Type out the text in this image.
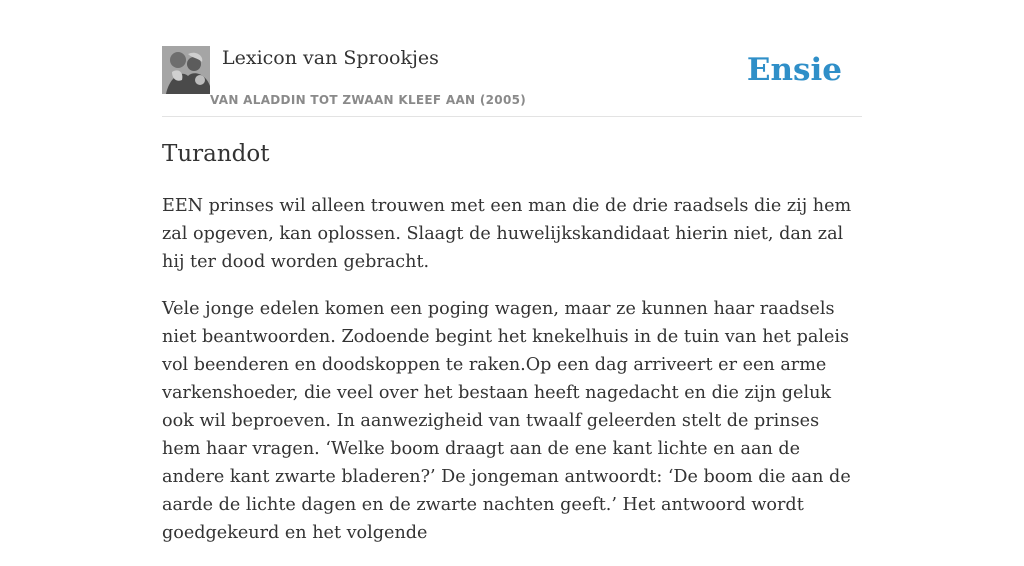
Lexicon van Sprookjes
VAN ALADDIN TOT ZWAAN KLEEF AAN (2005)
Ensie
Turandot

EEN prinses wil alleen trouwen met een man die de drie raadsels die zij hem zal opgeven, kan oplossen. Slaagt de huwelijkskandidaat hierin niet, dan zal hij ter dood worden gebracht.

Vele jonge edelen komen een poging wagen, maar ze kunnen haar raadsels niet beantwoorden. Zodoende begint het knekelhuis in de tuin van het paleis vol beenderen en doodskoppen te raken.Op een dag arriveert er een arme varkenshoeder, die veel over het bestaan heeft nagedacht en die zijn geluk ook wil beproeven. In aanwezigheid van twaalf geleerden stelt de prinses hem haar vragen. ‘Welke boom draagt aan de ene kant lichte en aan de andere kant zwarte bladeren?’ De jongeman antwoordt: ‘De boom die aan de aarde de lichte dagen en de zwarte nachten geeft.’ Het antwoord wordt goedgekeurd en het volgende
